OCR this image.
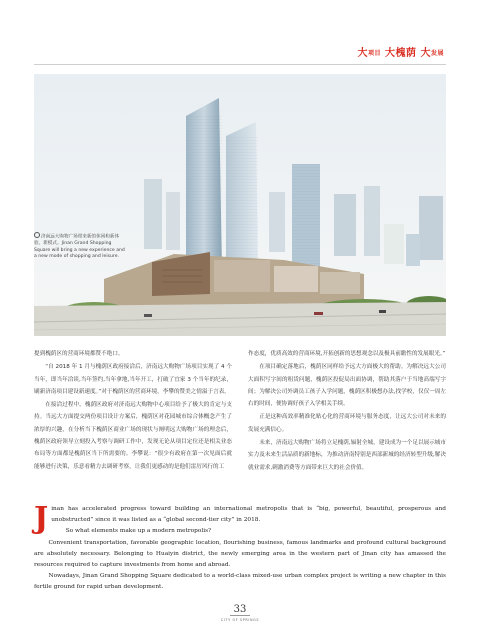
大项目 大槐荫 大发展
济南远大购物广场带来新的休闲和新体验、新模式。Jinan Grand Shopping Square will bring a new experience and a new mode of shopping and leisure.

提到槐荫区的营商环境都赞不绝口。

“自 2018 年 1 月与槐荫区政府接洽后，济南远大购物广场项目实现了 4 个当年，即当年洽谈,当年签约,当年拿地,当年开工，打破了宜家 3 个当年的纪录，刷新济南项目建设新速度。”对于槐荫区的营商环境，李攀的赞美之情溢于言表。

在接洽过程中，槐荫区政府对济南远大购物中心项目给予了极大的肯定与支持。当远大方面提交两份项目设计方案后，槐荫区对花园城市综合体概念产生了浓厚的兴趣，在分析当下槐荫区商业广场的现状与阐明远大购物广场的理念后，槐荫区政府领导立刻投入考察与调研工作中，发现无论从项目定位还是相关业态布局等方面都是槐荫区当下所需要的。李攀说：“很少有政府在第一次见面后就能够进行决策，乐意看精力去调研考察，让我们更感动的是他们雷厉风行的工

作态度，优质高效的营商环境,开拓创新的思想观念以及极具前瞻性的发展眼光。”

在项目确定落地后，槐荫区同样给予远大方面极大的帮助。为解决远大公司大面积写字间的租赁问题，槐荫区投促局出面协调，帮助其落户于当地高端写字间；为解决公司外调员工孩子入学问题，槐荫区积极想办法,找学校，仅仅一周左右的时间，便协调好孩子入学相关手续。

正是这种高效率精准化贴心化的营商环境与服务态度，让远大公司对未来的发展充满信心。

未来，济南远大购物广场将立足槐荫,辐射全城，建设成为一个足以展示城市实力及未来生活品质的新地标，为推动济南特别是西部新城的经济转型升级,解决就业需求,刺激消费等方面带来巨大的社会价值。

J inan has accelerated progress toward building an international metropolis that is “big, powerful, beautiful, prosperous and unobstructed” since it was listed as a “global second-tier city” in 2018.

So what elements make up a modern metropolis?

Convenient transportation, favorable geographic location, flourishing business, famous landmarks and profound cultural background are absolutely necessary. Belonging to Huaiyin district, the newly emerging area in the western part of Jinan city has amassed the resources required to capture investments from home and abroad.

Nowadays, Jinan Grand Shopping Square dedicated to a world-class mixed-use urban complex project is writing a new chapter in this fertile ground for rapid urban development.

33
CITY OF SPRINGS
